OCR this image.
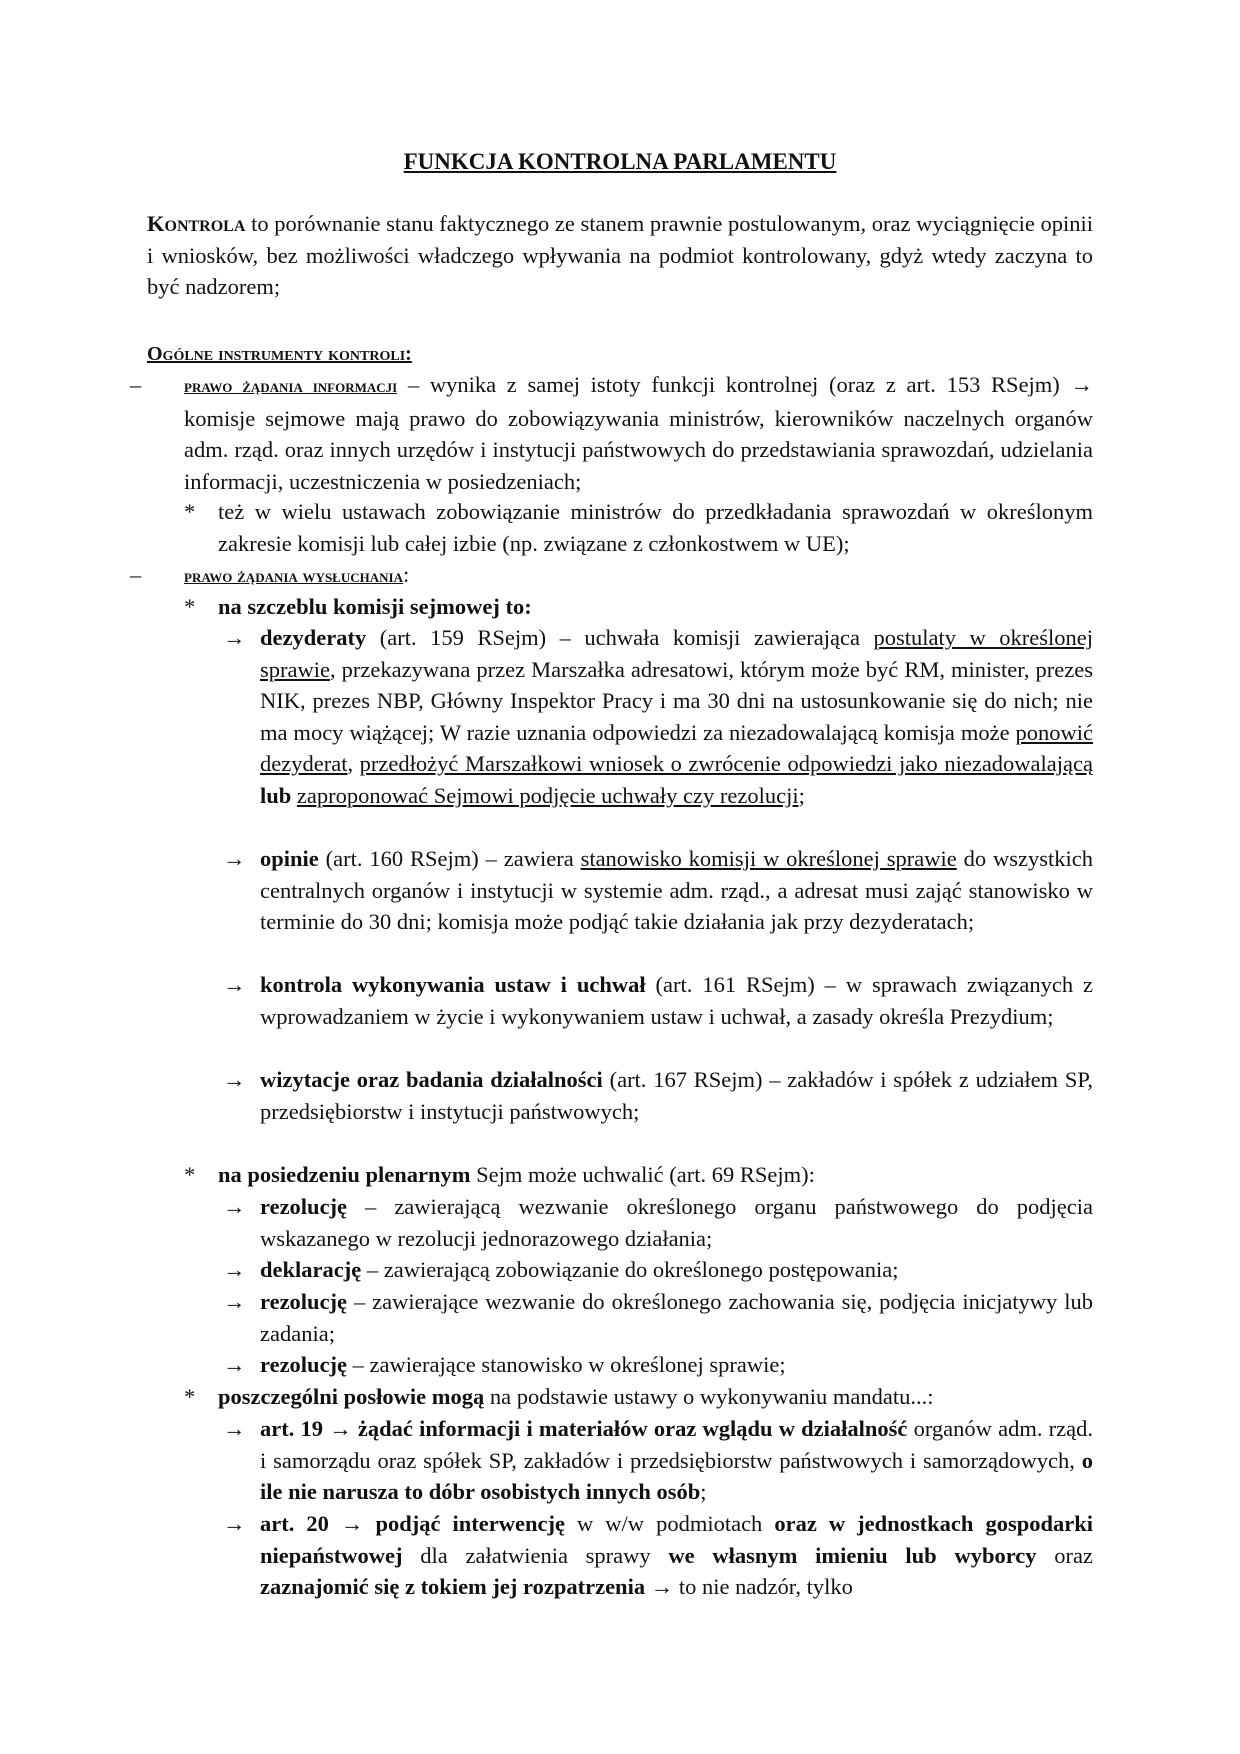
FUNKCJA KONTROLNA PARLAMENTU

Kontrola to porównanie stanu faktycznego ze stanem prawnie postulowanym, oraz wyciągnięcie opinii i wniosków, bez możliwości władczego wpływania na podmiot kontrolowany, gdyż wtedy zaczyna to być nadzorem;

Ogólne instrumenty kontroli:
– prawo żądania informacji – wynika z samej istoty funkcji kontrolnej (oraz z art. 153 RSejm) → komisje sejmowe mają prawo do zobowiązywania ministrów, kierowników naczelnych organów adm. rząd. oraz innych urzędów i instytucji państwowych do przedstawiania sprawozdań, udzielania informacji, uczestniczenia w posiedzeniach;

* też w wielu ustawach zobowiązanie ministrów do przedkładania sprawozdań w określonym zakresie komisji lub całej izbie (np. związane z członkostwem w UE);

– prawo żądania wysłuchania:

* na szczeblu komisji sejmowej to:

→ dezyderaty (art. 159 RSejm) – uchwała komisji zawierająca postulaty w określonej sprawie, przekazywana przez Marszałka adresatowi, którym może być RM, minister, prezes NIK, prezes NBP, Główny Inspektor Pracy i ma 30 dni na ustosunkowanie się do nich; nie ma mocy wiążącej; W razie uznania odpowiedzi za niezadowalającą komisja może ponowić dezyderat, przedłożyć Marszałkowi wniosek o zwrócenie odpowiedzi jako niezadowalającą lub zaproponować Sejmowi podjęcie uchwały czy rezolucji;

→ opinie (art. 160 RSejm) – zawiera stanowisko komisji w określonej sprawie do wszystkich centralnych organów i instytucji w systemie adm. rząd., a adresat musi zająć stanowisko w terminie do 30 dni; komisja może podjąć takie działania jak przy dezyderatach;

→ kontrola wykonywania ustaw i uchwał (art. 161 RSejm) – w sprawach związanych z wprowadzaniem w życie i wykonywaniem ustaw i uchwał, a zasady określa Prezydium;

→ wizytacje oraz badania działalności (art. 167 RSejm) – zakładów i spółek z udziałem SP, przedsiębiorstw i instytucji państwowych;

* na posiedzeniu plenarnym Sejm może uchwalić (art. 69 RSejm):

→ rezolucję – zawierającą wezwanie określonego organu państwowego do podjęcia wskazanego w rezolucji jednorazowego działania;

→ deklarację – zawierającą zobowiązanie do określonego postępowania;

→ rezolucję – zawierające wezwanie do określonego zachowania się, podjęcia inicjatywy lub zadania;

→ rezolucję – zawierające stanowisko w określonej sprawie;

* poszczególni posłowie mogą na podstawie ustawy o wykonywaniu mandatu...:

→ art. 19 → żądać informacji i materiałów oraz wglądu w działalność organów adm. rząd. i samorządu oraz spółek SP, zakładów i przedsiębiorstw państwowych i samorządowych, o ile nie narusza to dóbr osobistych innych osób;

→ art. 20 → podjąć interwencję w w/w podmiotach oraz w jednostkach gospodarki niepaństwowej dla załatwienia sprawy we własnym imieniu lub wyborcy oraz zaznajomić się z tokiem jej rozpatrzenia → to nie nadzór, tylko
